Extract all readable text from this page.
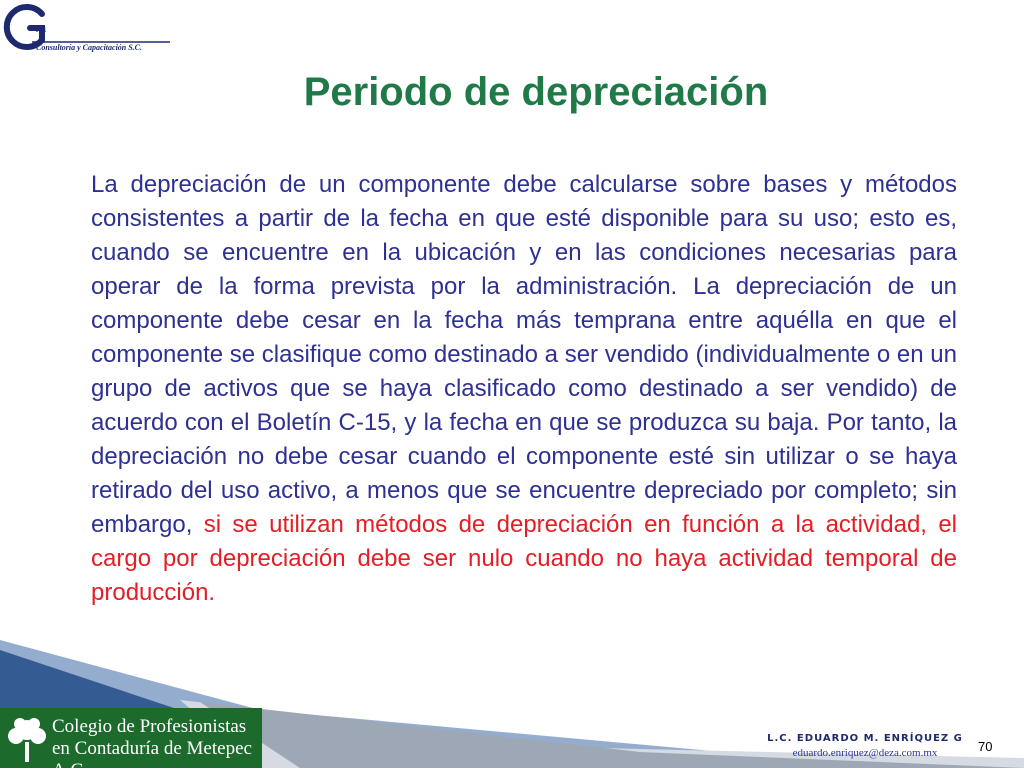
va
Consultoría y Capacitación S.C.
Periodo de depreciación

La depreciación de un componente debe calcularse sobre bases y métodos consistentes a partir de la fecha en que esté disponible para su uso; esto es, cuando se encuentre en la ubicación y en las condiciones necesarias para operar de la forma prevista por la administración. La depreciación de un componente debe cesar en la fecha más temprana entre aquélla en que el componente se clasifique como destinado a ser vendido (individualmente o en un grupo de activos que se haya clasificado como destinado a ser vendido) de acuerdo con el Boletín C-15, y la fecha en que se produzca su baja. Por tanto, la depreciación no debe cesar cuando el componente esté sin utilizar o se haya retirado del uso activo, a menos que se encuentre depreciado por completo; sin embargo, si se utilizan métodos de depreciación en función a la actividad, el cargo por depreciación debe ser nulo cuando no haya actividad temporal de producción.

Colegio de Profesionistas
en Contaduría de Metepec A.C.

L.C. EDUARDO M. ENRÍQUEZ G

eduardo.enriquez@deza.com.mx	70
